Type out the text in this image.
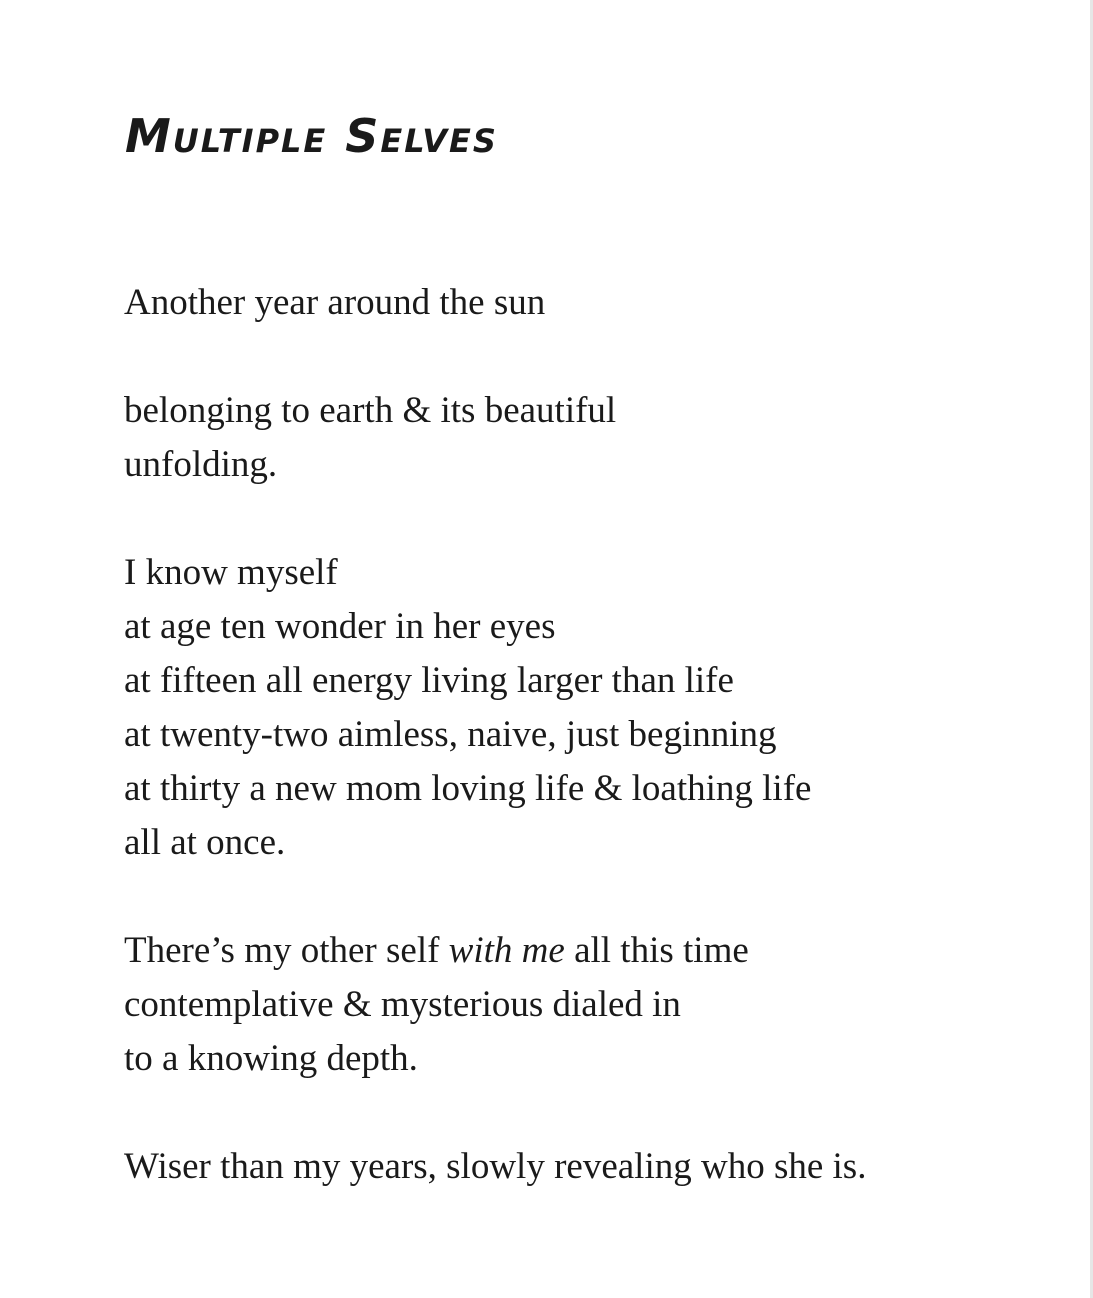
Multiple Selves

Another year around the sun

belonging to earth & its beautiful
unfolding.

I know myself
at age ten wonder in her eyes
at fifteen all energy living larger than life
at twenty-two aimless, naive, just beginning
at thirty a new mom loving life & loathing life
all at once.

There’s my other self with me all this time
contemplative & mysterious dialed in
to a knowing depth.

Wiser than my years, slowly revealing who she is.
